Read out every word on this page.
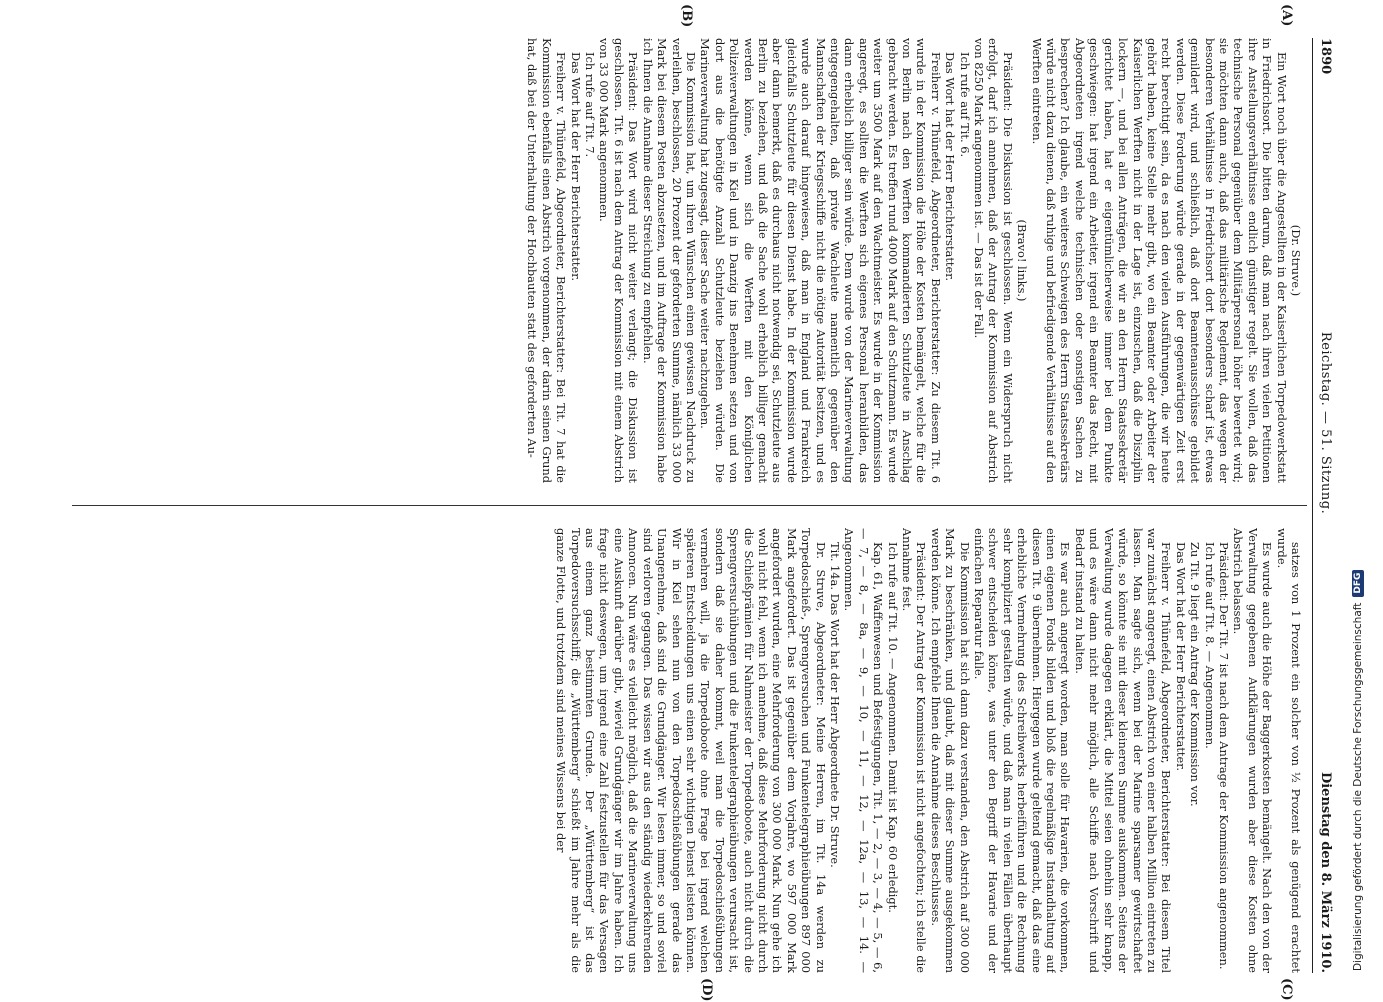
1890
Reichstag. — 51. Sitzung.
Dienstag den 8. März 1910.
(A)
(B)
(C)
(D)

(Dr. Struve.)

Ein Wort noch über die Angestellten in der Kaiserlichen Torpedowerkstatt in Friedrichsort. Die bitten darum, daß man nach ihren vielen Petitionen ihre Anstellungsverhältnisse endlich günstiger regelt. Sie wollen, daß das technische Personal gegenüber dem Militärpersonal höher bewertet wird; sie möchten dann auch, daß das militärische Reglement, das wegen der besonderen Verhältnisse in Friedrichsort dort besonders scharf ist, etwas gemildert wird, und schließlich, daß dort Beamtenausschüsse gebildet werden. Diese Forderung würde gerade in der gegenwärtigen Zeit erst recht berechtigt sein, da es nach den vielen Ausführungen, die wir heute gehört haben, keine Stelle mehr gibt, wo ein Beamter oder Arbeiter der Kaiserlichen Werften nicht in der Lage ist, einzuschen, daß die Disziplin lockern —, und bei allen Anträgen, die wir an den Herrn Staatssekretär gerichtet haben, hat er eigentümlicherweise immer bei dem Punkte geschwiegen: hat irgend ein Arbeiter, irgend ein Beamter das Recht, mit Abgeordneten irgend welche technischen oder sonstigen Sachen zu besprechen? Ich glaube, ein weiteres Schweigen des Herrn Staatssekretärs würde nicht dazu dienen, daß ruhige und befriedigende Verhältnisse auf den Werften eintreten.

(Bravo! links.)

Präsident: Die Diskussion ist geschlossen. Wenn ein Widerspruch nicht erfolgt, darf ich annehmen, daß der Antrag der Kommission auf Abstrich von 8250 Mark angenommen ist. — Das ist der Fall.

Ich rufe auf Tit. 6.

Das Wort hat der Herr Berichterstatter.

Freiherr v. Thünefeld, Abgeordneter, Berichterstatter: Zu diesem Tit. 6 wurde in der Kommission die Höhe der Kosten bemängelt, welche für die von Berlin nach den Werften kommandierten Schutzleute in Anschlag gebracht werden. Es treffen rund 4000 Mark auf den Schutzmann. Es wurde weiter um 3500 Mark auf den Wachtmeister. Es wurde in der Kommission angeregt, es sollten die Werften sich eigenes Personal heranbilden, das dann erheblich billiger sein würde. Dem wurde von der Marineverwaltung entgegengehalten, daß private Wachleute namentlich gegenüber den Mannschaften der Kriegsschiffe nicht die nötige Autorität besitzen, und es wurde auch darauf hingewiesen, daß man in England und Frankreich gleichfalls Schutzleute für diesen Dienst habe. In der Kommission wurde aber dann bemerkt, daß es durchaus nicht notwendig sei, Schutzleute aus Berlin zu beziehen, und daß die Sache wohl erheblich billiger gemacht werden könne, wenn sich die Werften mit den Königlichen Polizeiverwaltungen in Kiel und in Danzig ins Benehmen setzen und von dort aus die benötigte Anzahl Schutzleute beziehen würden. Die Marineverwaltung hat zugesagt, dieser Sache weiter nachzugehen.

Die Kommission hat, um ihren Wünschen einen gewissen Nachdruck zu verleihen, beschlossen, 20 Prozent der geforderten Summe, nämlich 33 000 Mark bei diesem Posten abzusetzen, und im Auftrage der Kommission habe ich Ihnen die Annahme dieser Streichung zu empfehlen.

Präsident: Das Wort wird nicht weiter verlangt; die Diskussion ist geschlossen. Tit. 6 ist nach dem Antrag der Kommission mit einem Abstrich von 33 000 Mark angenommen.

Ich rufe auf Tit. 7.

Das Wort hat der Herr Berichterstatter.

Freiherr v. Thünefeld, Abgeordneter, Berichterstatter: Bei Tit. 7 hat die Kommission ebenfalls einen Abstrich vorgenommen, der darin seinen Grund hat, daß bei der Unterhaltung der Hochbauten statt des geforderten Au-

satzes von 1 Prozent ein solcher von ½ Prozent als genügend erachtet wurde.

Es wurde auch die Höhe der Baggerkosten bemängelt. Nach den von der Verwaltung gegebenen Aufklärungen wurden aber diese Kosten ohne Abstrich belassen.

Präsident: Der Tit. 7 ist nach dem Antrage der Kommission angenommen.

Ich rufe auf Tit. 8. — Angenommen.

Zu Tit. 9 liegt ein Antrag der Kommission vor.

Das Wort hat der Herr Berichterstatter.

Freiherr v. Thünefeld, Abgeordneter, Berichterstatter: Bei diesem Titel war zunächst angeregt, einen Abstrich von einer halben Million eintreten zu lassen. Man sagte sich, wenn bei der Marine sparsamer gewirtschaftet würde, so könnte sie mit dieser kleineren Summe auskommen. Seitens der Verwaltung wurde dagegen erklärt, die Mittel seien ohnehin sehr knapp, und es wäre dann nicht mehr möglich, alle Schiffe nach Vorschrift und Bedarf instand zu halten.

Es war auch angeregt worden, man solle für Havarien, die vorkommen, einen eigenen Fonds bilden und bloß die regelmäßige Instandhaltung auf diesen Tit. 9 übernehmen. Hiergegen wurde geltend gemacht, daß das eine erhebliche Vermehrung des Schreibwerks herbeiführen und die Rechnung sehr kompliziert gestalten würde, und daß man in vielen Fällen überhaupt schwer entscheiden könne, was unter den Begriff der Havarie und der einfachen Reparatur falle.

Die Kommission hat sich dann dazu verstanden, den Abstrich auf 300 000 Mark zu beschränken, und glaubt, daß mit dieser Summe ausgekommen werden könne. Ich empfehle Ihnen die Annahme dieses Beschlusses.

Präsident: Der Antrag der Kommission ist nicht angefochten; ich stelle die Annahme fest.

Ich rufe auf Tit. 10. — Angenommen. Damit ist Kap. 60 erledigt.

Kap. 61, Waffenwesen und Befestigungen, Tit. 1, — 2, — 3, — 4, — 5, — 6, — 7, — 8, — 8a, — 9, — 10, — 11, — 12, — 12a, — 13, — 14. — Angenommen.

Tit. 14a. Das Wort hat der Herr Abgeordnete Dr. Struve.

Dr. Struve, Abgeordneter: Meine Herren, im Tit. 14a werden zu Torpedoschieß-, Sprengversuchen und Funkentelegraphieübungen 897 000 Mark angefordert. Das ist gegenüber dem Vorjahre, wo 597 000 Mark angefordert wurden, eine Mehrforderung von 300 000 Mark. Nun gehe ich wohl nicht fehl, wenn ich annehme, daß diese Mehrforderung nicht durch die Schießprämien für Nahmeister der Torpedoboote, auch nicht durch die Sprengversuchübungen und die Funkentelegraphieübungen verursacht ist, sondern daß sie daher kommt, weil man die Torpedoschießübungen vermehren will, ja die Torpedoboote ohne Frage bei irgend welchen späteren Entscheidungen uns einen sehr wichtigen Dienst leisten können. Wir in Kiel sehen nun von den Torpedoschießübungen gerade das Unangenehme, daß sind die Grundgänger. Wir lesen immer, so und soviel sind verloren gegangen. Das wissen wir aus den ständig wiederkehrenden Annoncen. Nun wäre es vielleicht möglich, daß die Marineverwaltung uns eine Auskunft darüber gibt, wieviel Grundgänger wir im Jahre haben. Ich frage nicht deswegen, um irgend eine Zahl festzustellen für das Versagen aus einem ganz bestimmten Grunde. Der „Württemberg“ ist das Torpedoversuchsschiff; die „Württemberg“ schießt im Jahre mehr als die ganze Flotte, und trotzdem sind meines Wissens bei der	Digitalisierung gefördert durch die Deutsche Forschungsgemeinschaft
DFG
